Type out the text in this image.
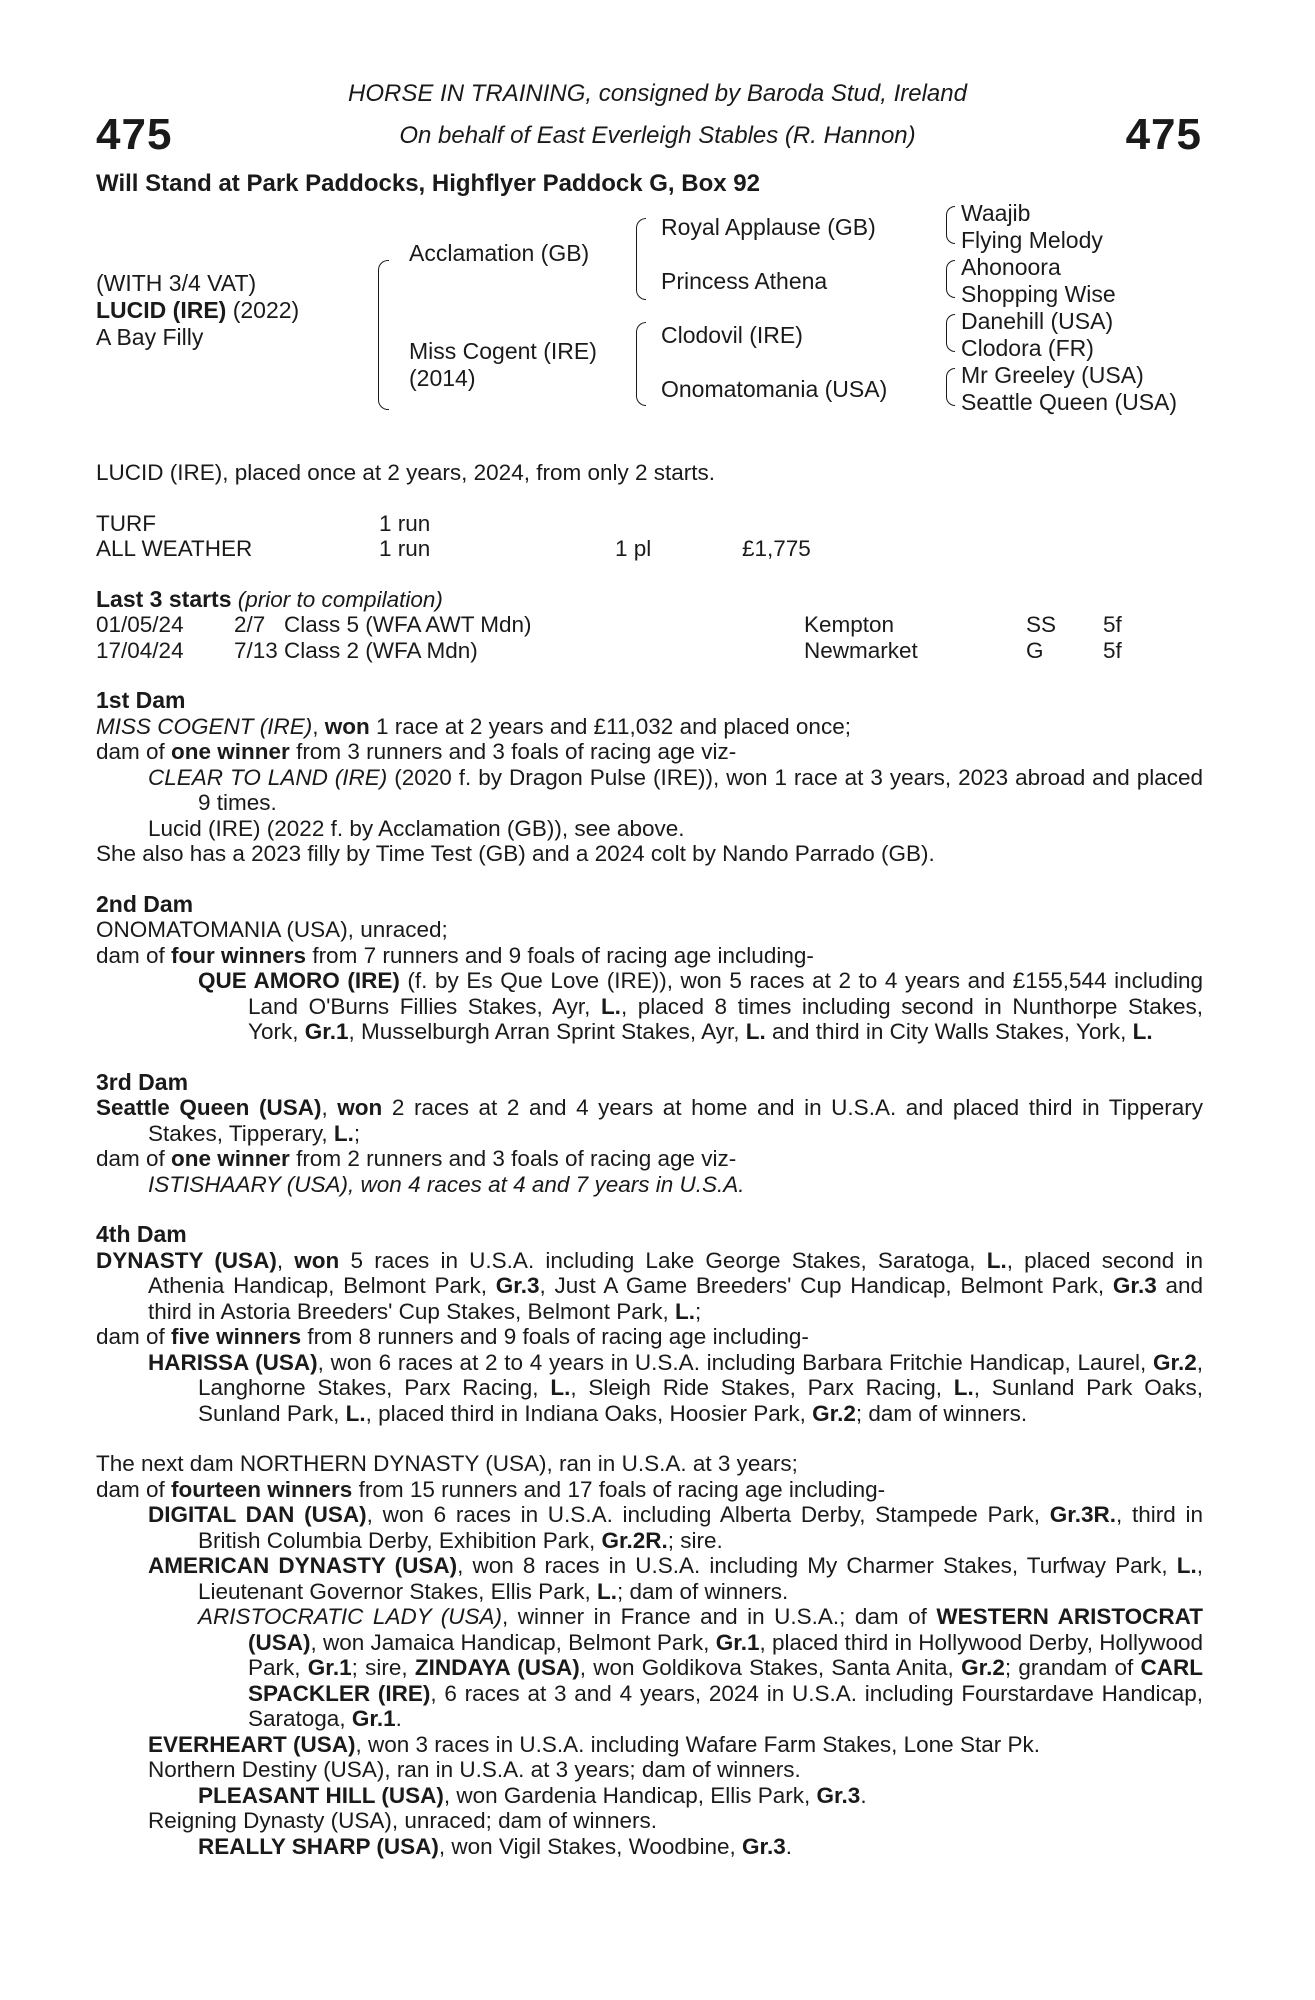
475	475
HORSE IN TRAINING, consigned by Baroda Stud, Ireland
On behalf of East Everleigh Stables (R. Hannon)
Will Stand at Park Paddocks, Highflyer Paddock G, Box 92
(WITH 3/4 VAT)
LUCID (IRE) (2022)
A Bay Filly
Acclamation (GB)
Miss Cogent (IRE)
(2014)
Royal Applause (GB)
Princess Athena
Clodovil (IRE)
Onomatomania (USA)
Waajib
Flying Melody
Ahonoora
Shopping Wise
Danehill (USA)
Clodora (FR)
Mr Greeley (USA)
Seattle Queen (USA)

LUCID (IRE), placed once at 2 years, 2024, from only 2 starts.

TURF	1 run
ALL WEATHER	1 run	1 pl	£1,775

Last 3 starts (prior to compilation)

01/05/24	2/7 Class 5 (WFA AWT Mdn)	Kempton	SS	5f
17/04/24	7/13 Class 2 (WFA Mdn)	Newmarket	G	5f

1st Dam

MISS COGENT (IRE), won 1 race at 2 years and £11,032 and placed once;

dam of one winner from 3 runners and 3 foals of racing age viz-

CLEAR TO LAND (IRE) (2020 f. by Dragon Pulse (IRE)), won 1 race at 3 years, 2023 abroad and placed 9 times.

Lucid (IRE) (2022 f. by Acclamation (GB)), see above.

She also has a 2023 filly by Time Test (GB) and a 2024 colt by Nando Parrado (GB).

2nd Dam

ONOMATOMANIA (USA), unraced;

dam of four winners from 7 runners and 9 foals of racing age including-

QUE AMORO (IRE) (f. by Es Que Love (IRE)), won 5 races at 2 to 4 years and £155,544 including Land O'Burns Fillies Stakes, Ayr, L., placed 8 times including second in Nunthorpe Stakes, York, Gr.1, Musselburgh Arran Sprint Stakes, Ayr, L. and third in City Walls Stakes, York, L.

3rd Dam

Seattle Queen (USA), won 2 races at 2 and 4 years at home and in U.S.A. and placed third in Tipperary Stakes, Tipperary, L.;

dam of one winner from 2 runners and 3 foals of racing age viz-

ISTISHAARY (USA), won 4 races at 4 and 7 years in U.S.A.

4th Dam

DYNASTY (USA), won 5 races in U.S.A. including Lake George Stakes, Saratoga, L., placed second in Athenia Handicap, Belmont Park, Gr.3, Just A Game Breeders' Cup Handicap, Belmont Park, Gr.3 and third in Astoria Breeders' Cup Stakes, Belmont Park, L.;

dam of five winners from 8 runners and 9 foals of racing age including-

HARISSA (USA), won 6 races at 2 to 4 years in U.S.A. including Barbara Fritchie Handicap, Laurel, Gr.2, Langhorne Stakes, Parx Racing, L., Sleigh Ride Stakes, Parx Racing, L., Sunland Park Oaks, Sunland Park, L., placed third in Indiana Oaks, Hoosier Park, Gr.2; dam of winners.

The next dam NORTHERN DYNASTY (USA), ran in U.S.A. at 3 years;

dam of fourteen winners from 15 runners and 17 foals of racing age including-

DIGITAL DAN (USA), won 6 races in U.S.A. including Alberta Derby, Stampede Park, Gr.3R., third in British Columbia Derby, Exhibition Park, Gr.2R.; sire.

AMERICAN DYNASTY (USA), won 8 races in U.S.A. including My Charmer Stakes, Turfway Park, L., Lieutenant Governor Stakes, Ellis Park, L.; dam of winners.

ARISTOCRATIC LADY (USA), winner in France and in U.S.A.; dam of WESTERN ARISTOCRAT (USA), won Jamaica Handicap, Belmont Park, Gr.1, placed third in Hollywood Derby, Hollywood Park, Gr.1; sire, ZINDAYA (USA), won Goldikova Stakes, Santa Anita, Gr.2; grandam of CARL SPACKLER (IRE), 6 races at 3 and 4 years, 2024 in U.S.A. including Fourstardave Handicap, Saratoga, Gr.1.

EVERHEART (USA), won 3 races in U.S.A. including Wafare Farm Stakes, Lone Star Pk.

Northern Destiny (USA), ran in U.S.A. at 3 years; dam of winners.

PLEASANT HILL (USA), won Gardenia Handicap, Ellis Park, Gr.3.

Reigning Dynasty (USA), unraced; dam of winners.

REALLY SHARP (USA), won Vigil Stakes, Woodbine, Gr.3.
